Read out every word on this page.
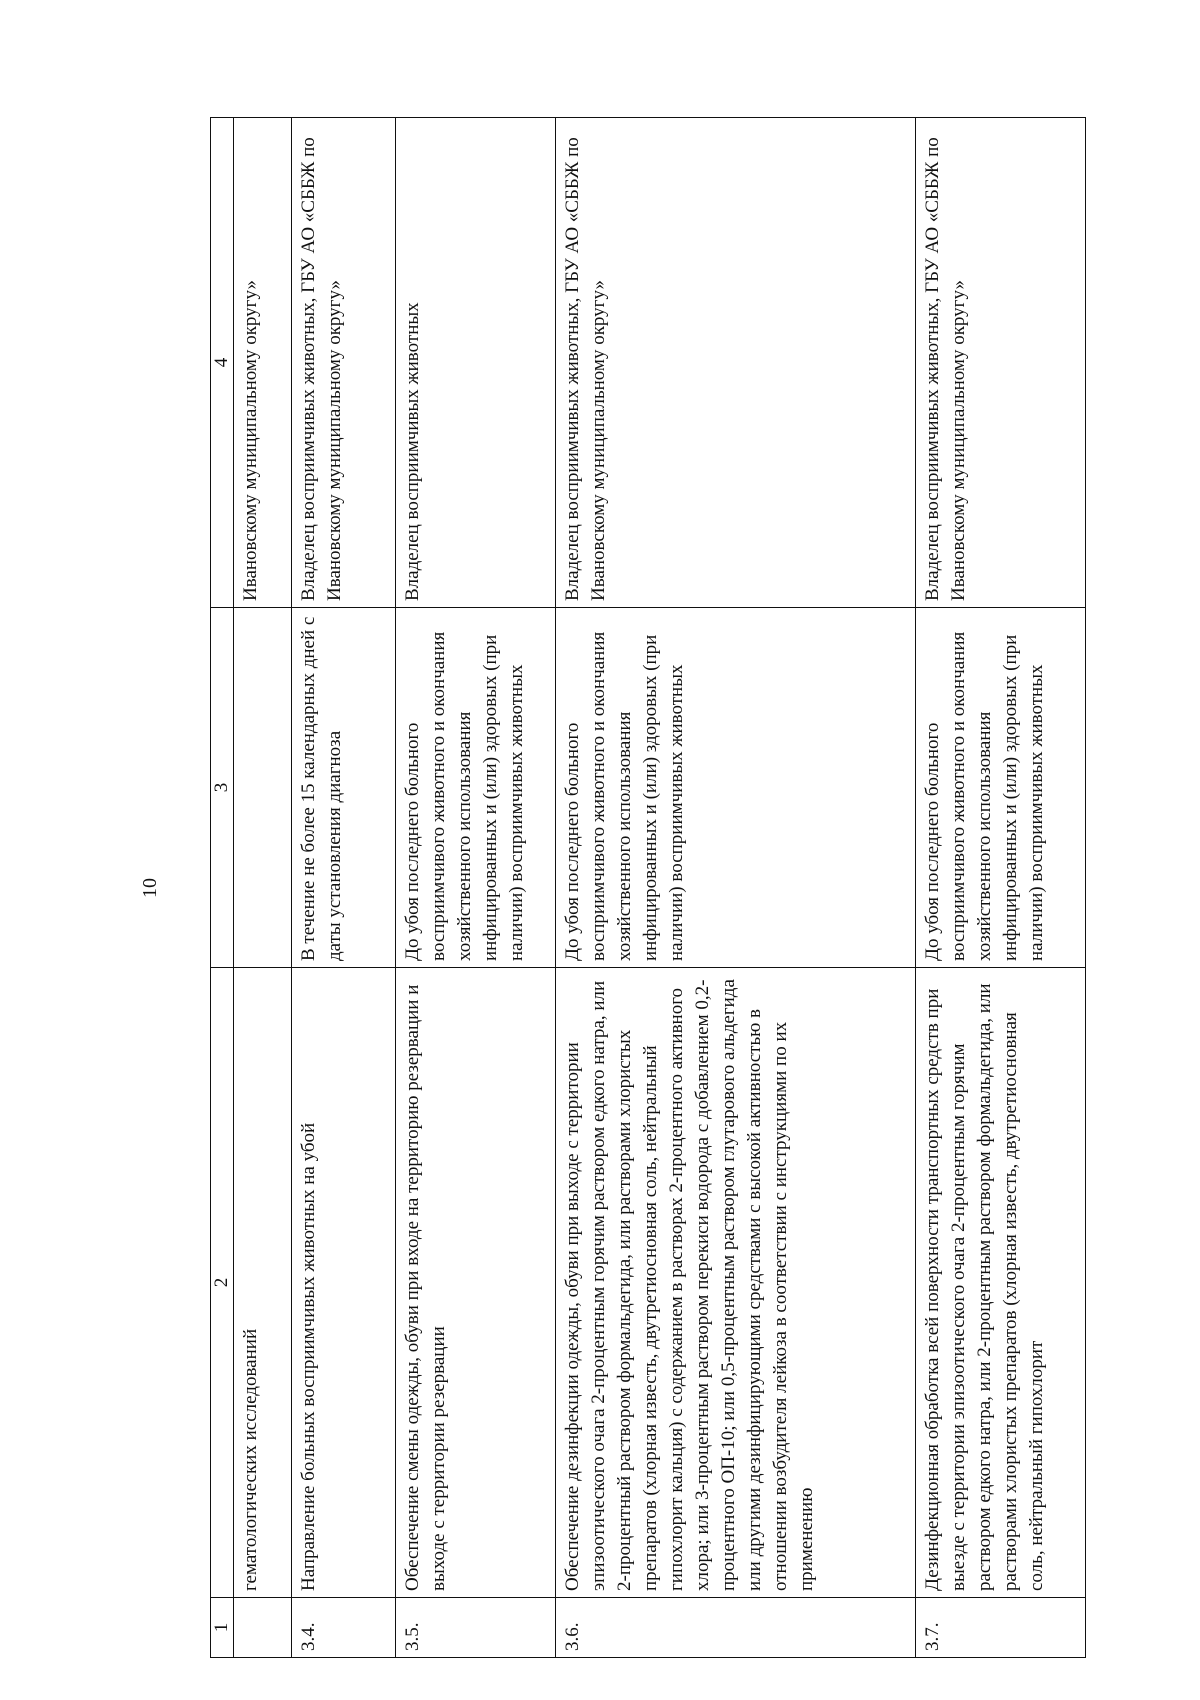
10
1	2	3	4
	гематологических исследований		Ивановскому муниципальному округу»
3.4.	Направление больных восприимчивых животных на убой	В течение не более 15 календарных дней с даты установления диагноза	Владелец восприимчивых животных, ГБУ АО «СББЖ по Ивановскому муниципальному округу»
3.5.	Обеспечение смены одежды, обуви при входе на территорию резервации и выходе с территории резервации	До убоя последнего больного восприимчивого животного и окончания хозяйственного использования инфицированных и (или) здоровых (при наличии) восприимчивых животных	Владелец восприимчивых животных
3.6.	Обеспечение дезинфекции одежды, обуви при выходе с территории эпизоотического очага 2-процентным горячим раствором едкого натра, или 2-процентный раствором формальдегида, или растворами хлористых препаратов (хлорная известь, двутретиосновная соль, нейтральный гипохлорит кальция) с содержанием в растворах 2-процентного активного хлора; или 3-процентным раствором перекиси водорода с добавлением 0,2-процентного ОП-10; или 0,5-процентным раствором глутарового альдегида или другими дезинфицирующими средствами с высокой активностью в отношении возбудителя лейкоза в соответствии с инструкциями по их применению	До убоя последнего больного восприимчивого животного и окончания хозяйственного использования инфицированных и (или) здоровых (при наличии) восприимчивых животных	Владелец восприимчивых животных, ГБУ АО «СББЖ по Ивановскому муниципальному округу»
3.7.	Дезинфекционная обработка всей поверхности транспортных средств при выезде с территории эпизоотического очага 2-процентным горячим раствором едкого натра, или 2-процентным раствором формальдегида, или растворами хлористых препаратов (хлорная известь, двутретиосновная соль, нейтральный гипохлорит	До убоя последнего больного восприимчивого животного и окончания хозяйственного использования инфицированных и (или) здоровых (при наличии) восприимчивых животных	Владелец восприимчивых животных, ГБУ АО «СББЖ по Ивановскому муниципальному округу»
